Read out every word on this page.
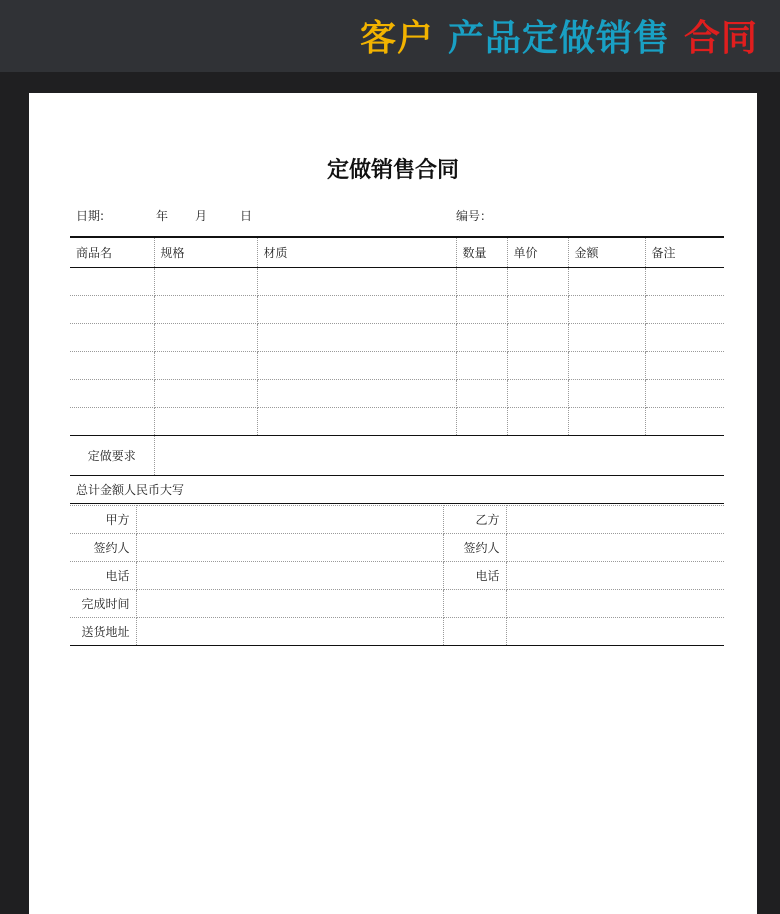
客户 产品定做销售 合同
定做销售合同
日期:	年 月	日	编号：
商品名	规格	材质	数量	单价	金额	备注

定做要求						
总计金额人民币大写						
甲方		乙方	
签约人		签约人	
电话		电话	
完成时间			
送货地址			
